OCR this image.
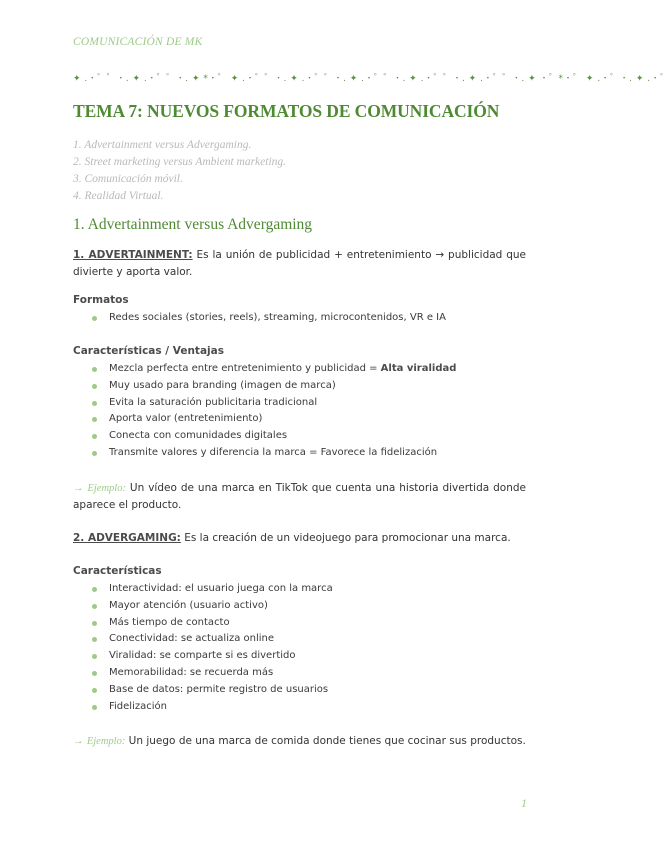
COMUNICACIÓN DE MK
✦ .・゜゜・. ✦ .・゜゜・. ✦ *・゜ ✦ .・゜゜・. ✦ .・゜゜・. ✦ .・゜゜・. ✦ .・゜゜・. ✦ .・゜゜・. ✦ ・゜*・゜ ✦ .・゜・. ✦ .・゜
TEMA 7: NUEVOS FORMATOS DE COMUNICACIÓN
1. Advertainment versus Advergaming.
2. Street marketing versus Ambient marketing.
3. Comunicación móvil.
4. Realidad Virtual.
1. Advertainment versus Advergaming
1. ADVERTAINMENT: Es la unión de publicidad + entretenimiento → publicidad que divierte y aporta valor.
Formatos
Redes sociales (stories, reels), streaming, microcontenidos, VR e IA
Características / Ventajas
Mezcla perfecta entre entretenimiento y publicidad = Alta viralidad
Muy usado para branding (imagen de marca)
Evita la saturación publicitaria tradicional
Aporta valor (entretenimiento)
Conecta con comunidades digitales
Transmite valores y diferencia la marca = Favorece la fidelización
→ Ejemplo: Un vídeo de una marca en TikTok que cuenta una historia divertida donde aparece el producto.
2. ADVERGAMING: Es la creación de un videojuego para promocionar una marca.
Características
Interactividad: el usuario juega con la marca
Mayor atención (usuario activo)
Más tiempo de contacto
Conectividad: se actualiza online
Viralidad: se comparte si es divertido
Memorabilidad: se recuerda más
Base de datos: permite registro de usuarios
Fidelización
→ Ejemplo: Un juego de una marca de comida donde tienes que cocinar sus productos.
1
